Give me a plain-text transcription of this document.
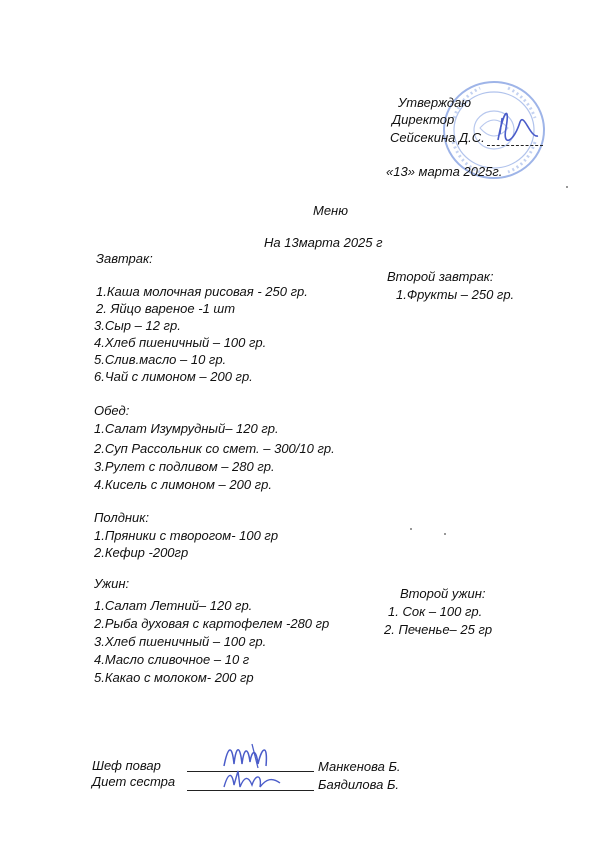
Утверждаю
Директор
Сейсекина Д.С.
«13» марта 2025г.
Меню
На 13марта 2025 г
Завтрак:
1.Каша молочная рисовая - 250 гр.
2. Яйцо вареное -1 шт
3.Сыр – 12 гр.
4.Хлеб пшеничный – 100 гр.
5.Слив.масло – 10 гр.
6.Чай с лимоном – 200 гр.
Второй завтрак:
1.Фрукты – 250 гр.
Обед:
1.Салат Изумрудный– 120 гр.
2.Суп Рассольник со смет. – 300/10 гр.
3.Рулет с подливом – 280 гр.
4.Кисель с лимоном – 200 гр.
Полдник:
1.Пряники с творогом- 100 гр
2.Кефир -200гр
Ужин:
1.Салат Летний– 120 гр.
2.Рыба духовая с картофелем -280 гр
3.Хлеб пшеничный – 100 гр.
4.Масло сливочное – 10 г
5.Какао с молоком- 200 гр
Второй ужин:
1. Сок – 100 гр.
2. Печенье– 25 гр
Шеф повар	Манкенова Б.
Диет сестра	Баядилова Б.
